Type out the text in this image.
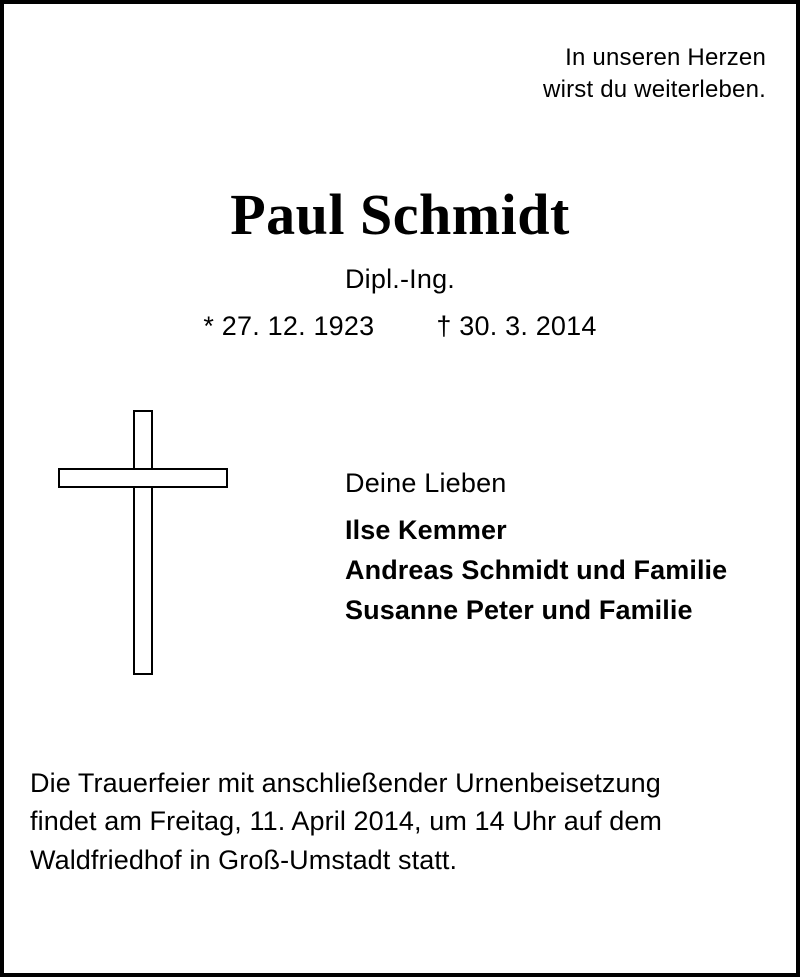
In unseren Herzen
wirst du weiterleben.
Paul Schmidt
Dipl.-Ing.
* 27. 12. 1923 † 30. 3. 2014
Deine Lieben
Ilse Kemmer
Andreas Schmidt und Familie
Susanne Peter und Familie
Die Trauerfeier mit anschließender Urnenbeisetzung
findet am Freitag, 11. April 2014, um 14 Uhr auf dem
Waldfriedhof in Groß-Umstadt statt.
